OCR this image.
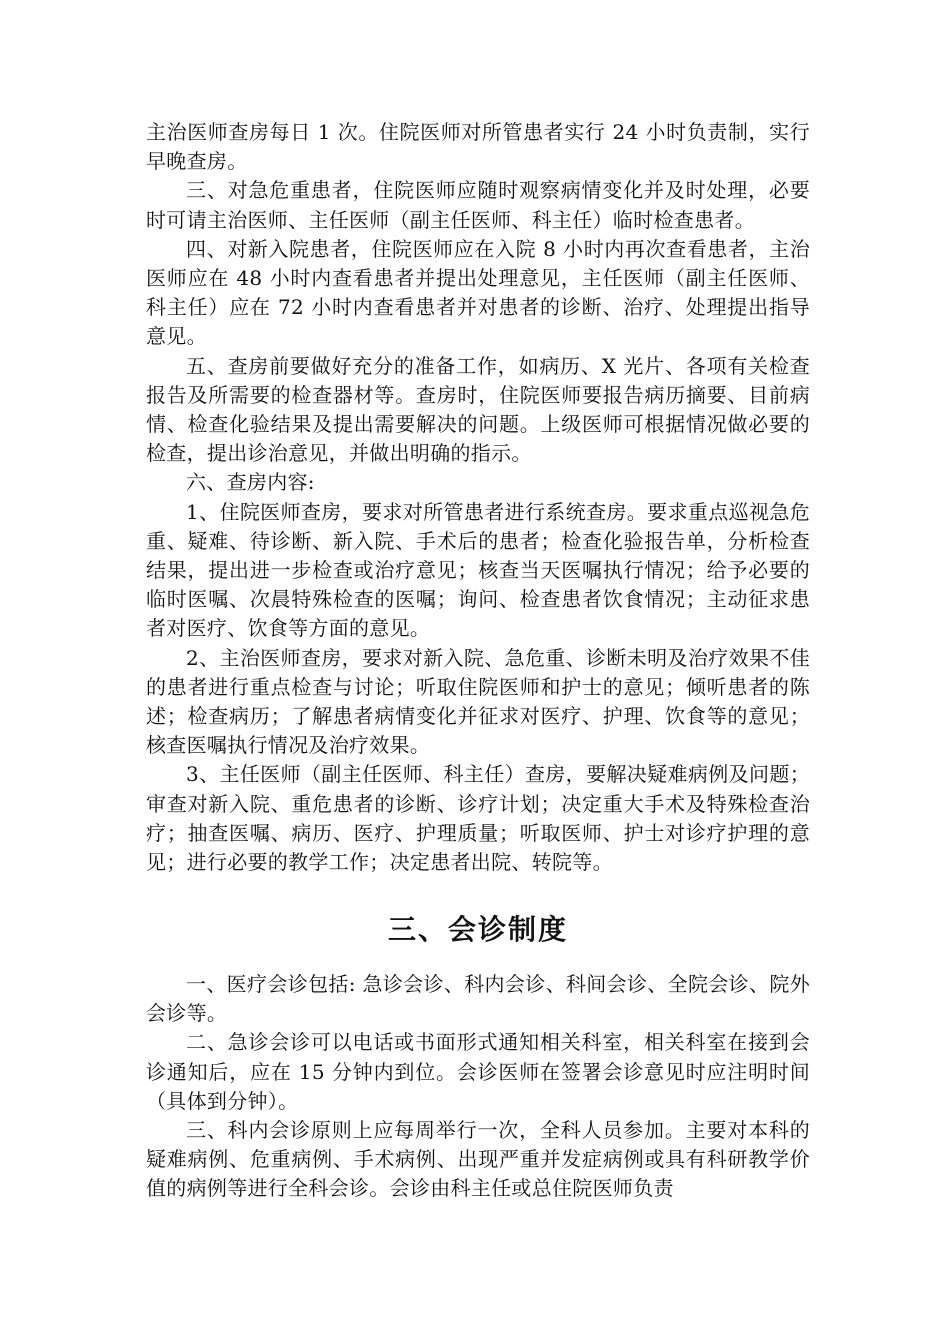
主治医师查房每日 1 次。住院医师对所管患者实行 24 小时负责制，实行早晚查房。

三、对急危重患者，住院医师应随时观察病情变化并及时处理，必要时可请主治医师、主任医师（副主任医师、科主任）临时检查患者。

四、对新入院患者，住院医师应在入院 8 小时内再次查看患者，主治医师应在 48 小时内查看患者并提出处理意见，主任医师（副主任医师、科主任）应在 72 小时内查看患者并对患者的诊断、治疗、处理提出指导意见。

五、查房前要做好充分的准备工作，如病历、X 光片、各项有关检查报告及所需要的检查器材等。查房时，住院医师要报告病历摘要、目前病情、检查化验结果及提出需要解决的问题。上级医师可根据情况做必要的检查，提出诊治意见，并做出明确的指示。

六、查房内容:

1、住院医师查房，要求对所管患者进行系统查房。要求重点巡视急危重、疑难、待诊断、新入院、手术后的患者；检查化验报告单，分析检查结果，提出进一步检查或治疗意见；核查当天医嘱执行情况；给予必要的临时医嘱、次晨特殊检查的医嘱；询问、检查患者饮食情况；主动征求患者对医疗、饮食等方面的意见。

2、主治医师查房，要求对新入院、急危重、诊断未明及治疗效果不佳的患者进行重点检查与讨论；听取住院医师和护士的意见；倾听患者的陈述；检查病历；了解患者病情变化并征求对医疗、护理、饮食等的意见；核查医嘱执行情况及治疗效果。

3、主任医师（副主任医师、科主任）查房，要解决疑难病例及问题；审查对新入院、重危患者的诊断、诊疗计划；决定重大手术及特殊检查治疗；抽查医嘱、病历、医疗、护理质量；听取医师、护士对诊疗护理的意见；进行必要的教学工作；决定患者出院、转院等。

三、会诊制度

一、医疗会诊包括: 急诊会诊、科内会诊、科间会诊、全院会诊、院外会诊等。

二、急诊会诊可以电话或书面形式通知相关科室，相关科室在接到会诊通知后，应在 15 分钟内到位。会诊医师在签署会诊意见时应注明时间（具体到分钟）。

三、科内会诊原则上应每周举行一次，全科人员参加。主要对本科的疑难病例、危重病例、手术病例、出现严重并发症病例或具有科研教学价值的病例等进行全科会诊。会诊由科主任或总住院医师负责
